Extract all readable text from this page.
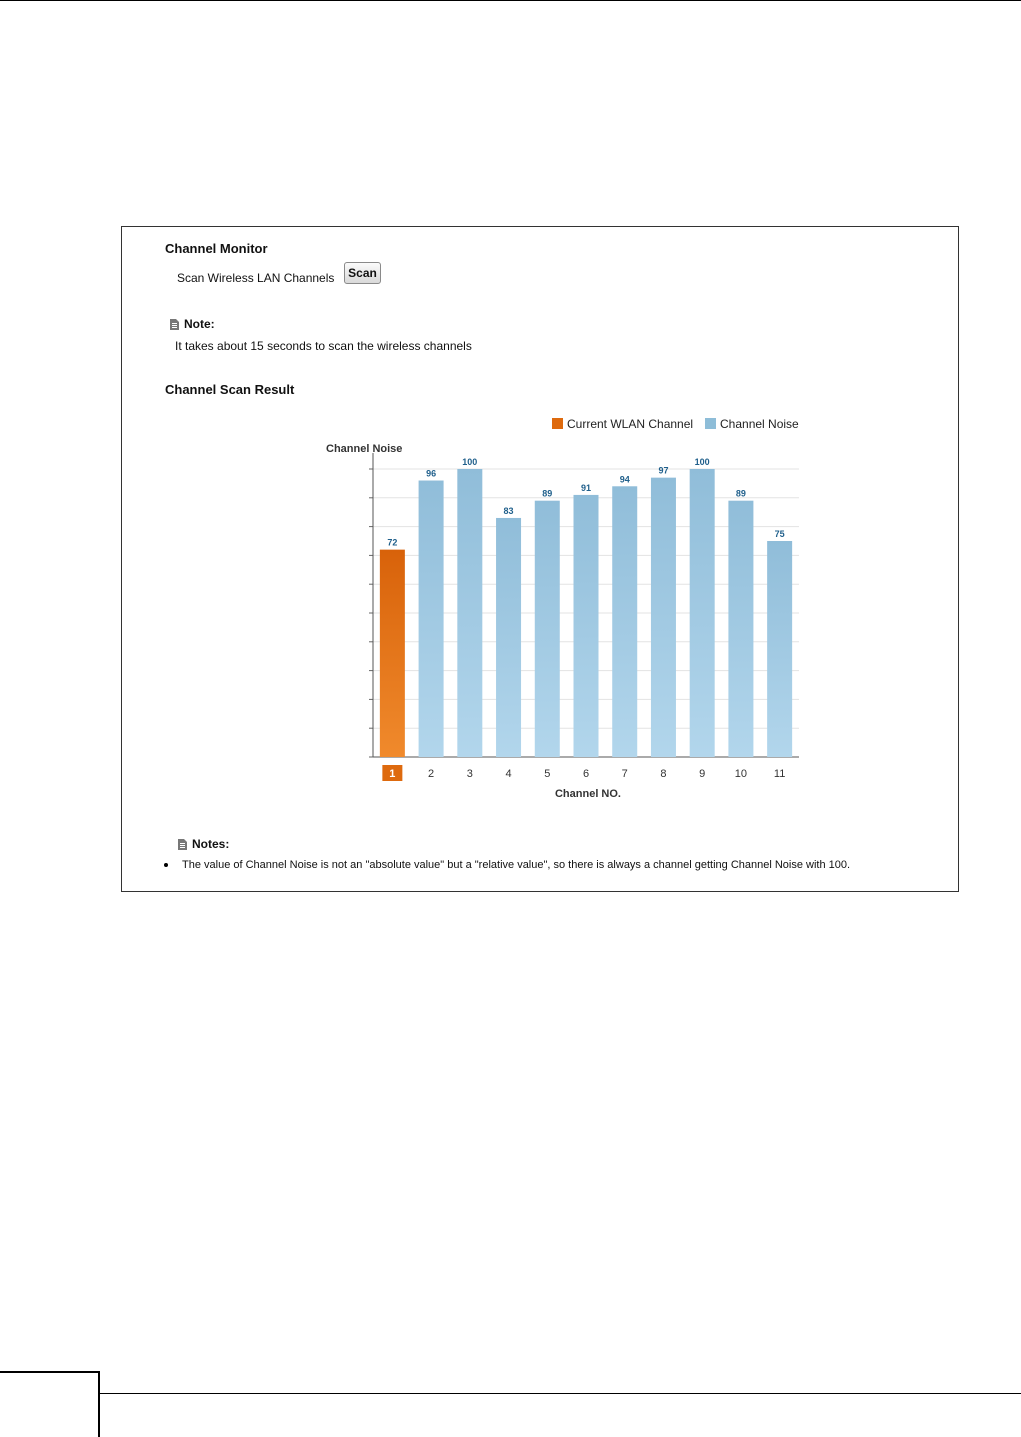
Channel Monitor
Scan Wireless LAN Channels	Scan
Note:
It takes about 15 seconds to scan the wireless channels
Channel Scan Result
Channel Noise
72
1
96
2
100
3
83
4
89
5
91
6
94
7
97
8
100
9
89
10
75
11
Channel NO.
Current WLAN Channel Channel Noise
Notes:
The value of Channel Noise is not an "absolute value" but a "relative value", so there is always a channel getting Channel Noise with 100.
